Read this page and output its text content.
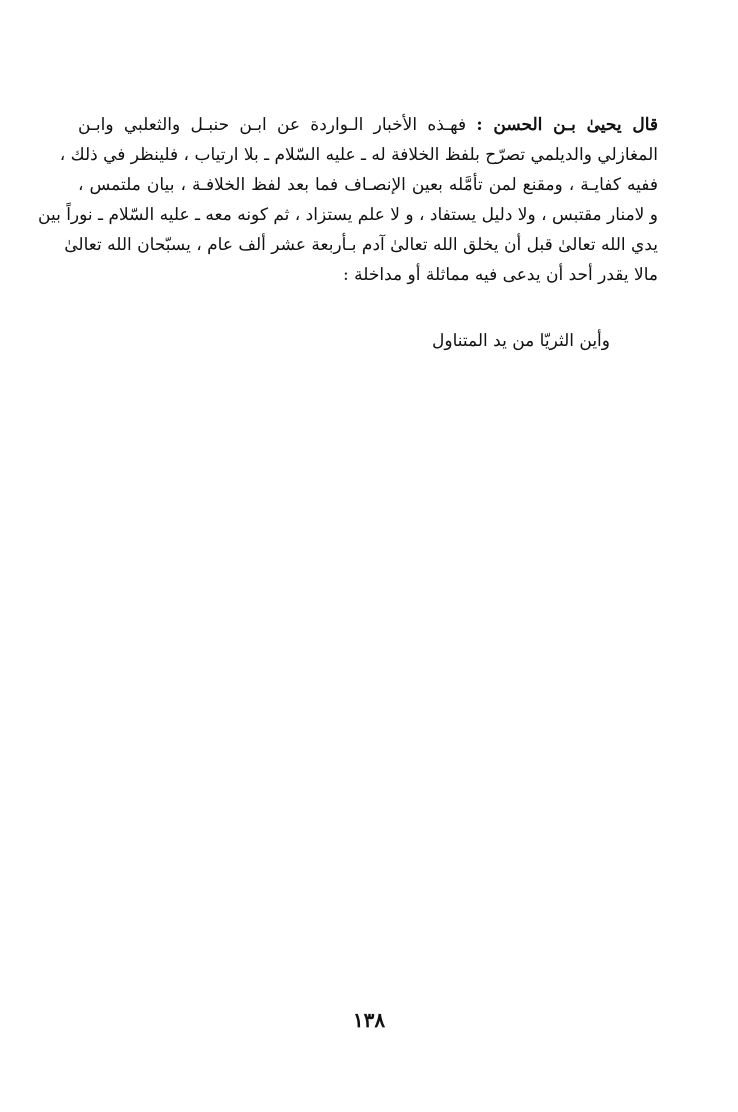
قال يحيىٰ بـن الحسن : فهـذه الأخبار الـواردة عن ابـن حنبـل والثعلبي وابـن
المغازلي والديلمي تصرّح بلفظ الخلافة له ـ عليه السّلام ـ بلا ارتياب ، فلينظر في ذلك ،
ففيه كفايـة ، ومقنع لمن تأمَّله بعين الإنصـاف فما بعد لفظ الخلافـة ، بيان ملتمس ،
و لامنار مقتبس ، ولا دليل يستفاد ، و لا علم يستزاد ، ثم كونه معه ـ عليه السّلام ـ نوراً بين
يدي الله تعالىٰ قبل أن يخلق الله تعالىٰ آدم بـأربعة عشر ألف عام ، يسبّحان الله تعالىٰ
مالا يقدر أحد أن يدعى فيه مماثلة أو مداخلة :

وأين الثريّا من يد المتناول

١٣٨
